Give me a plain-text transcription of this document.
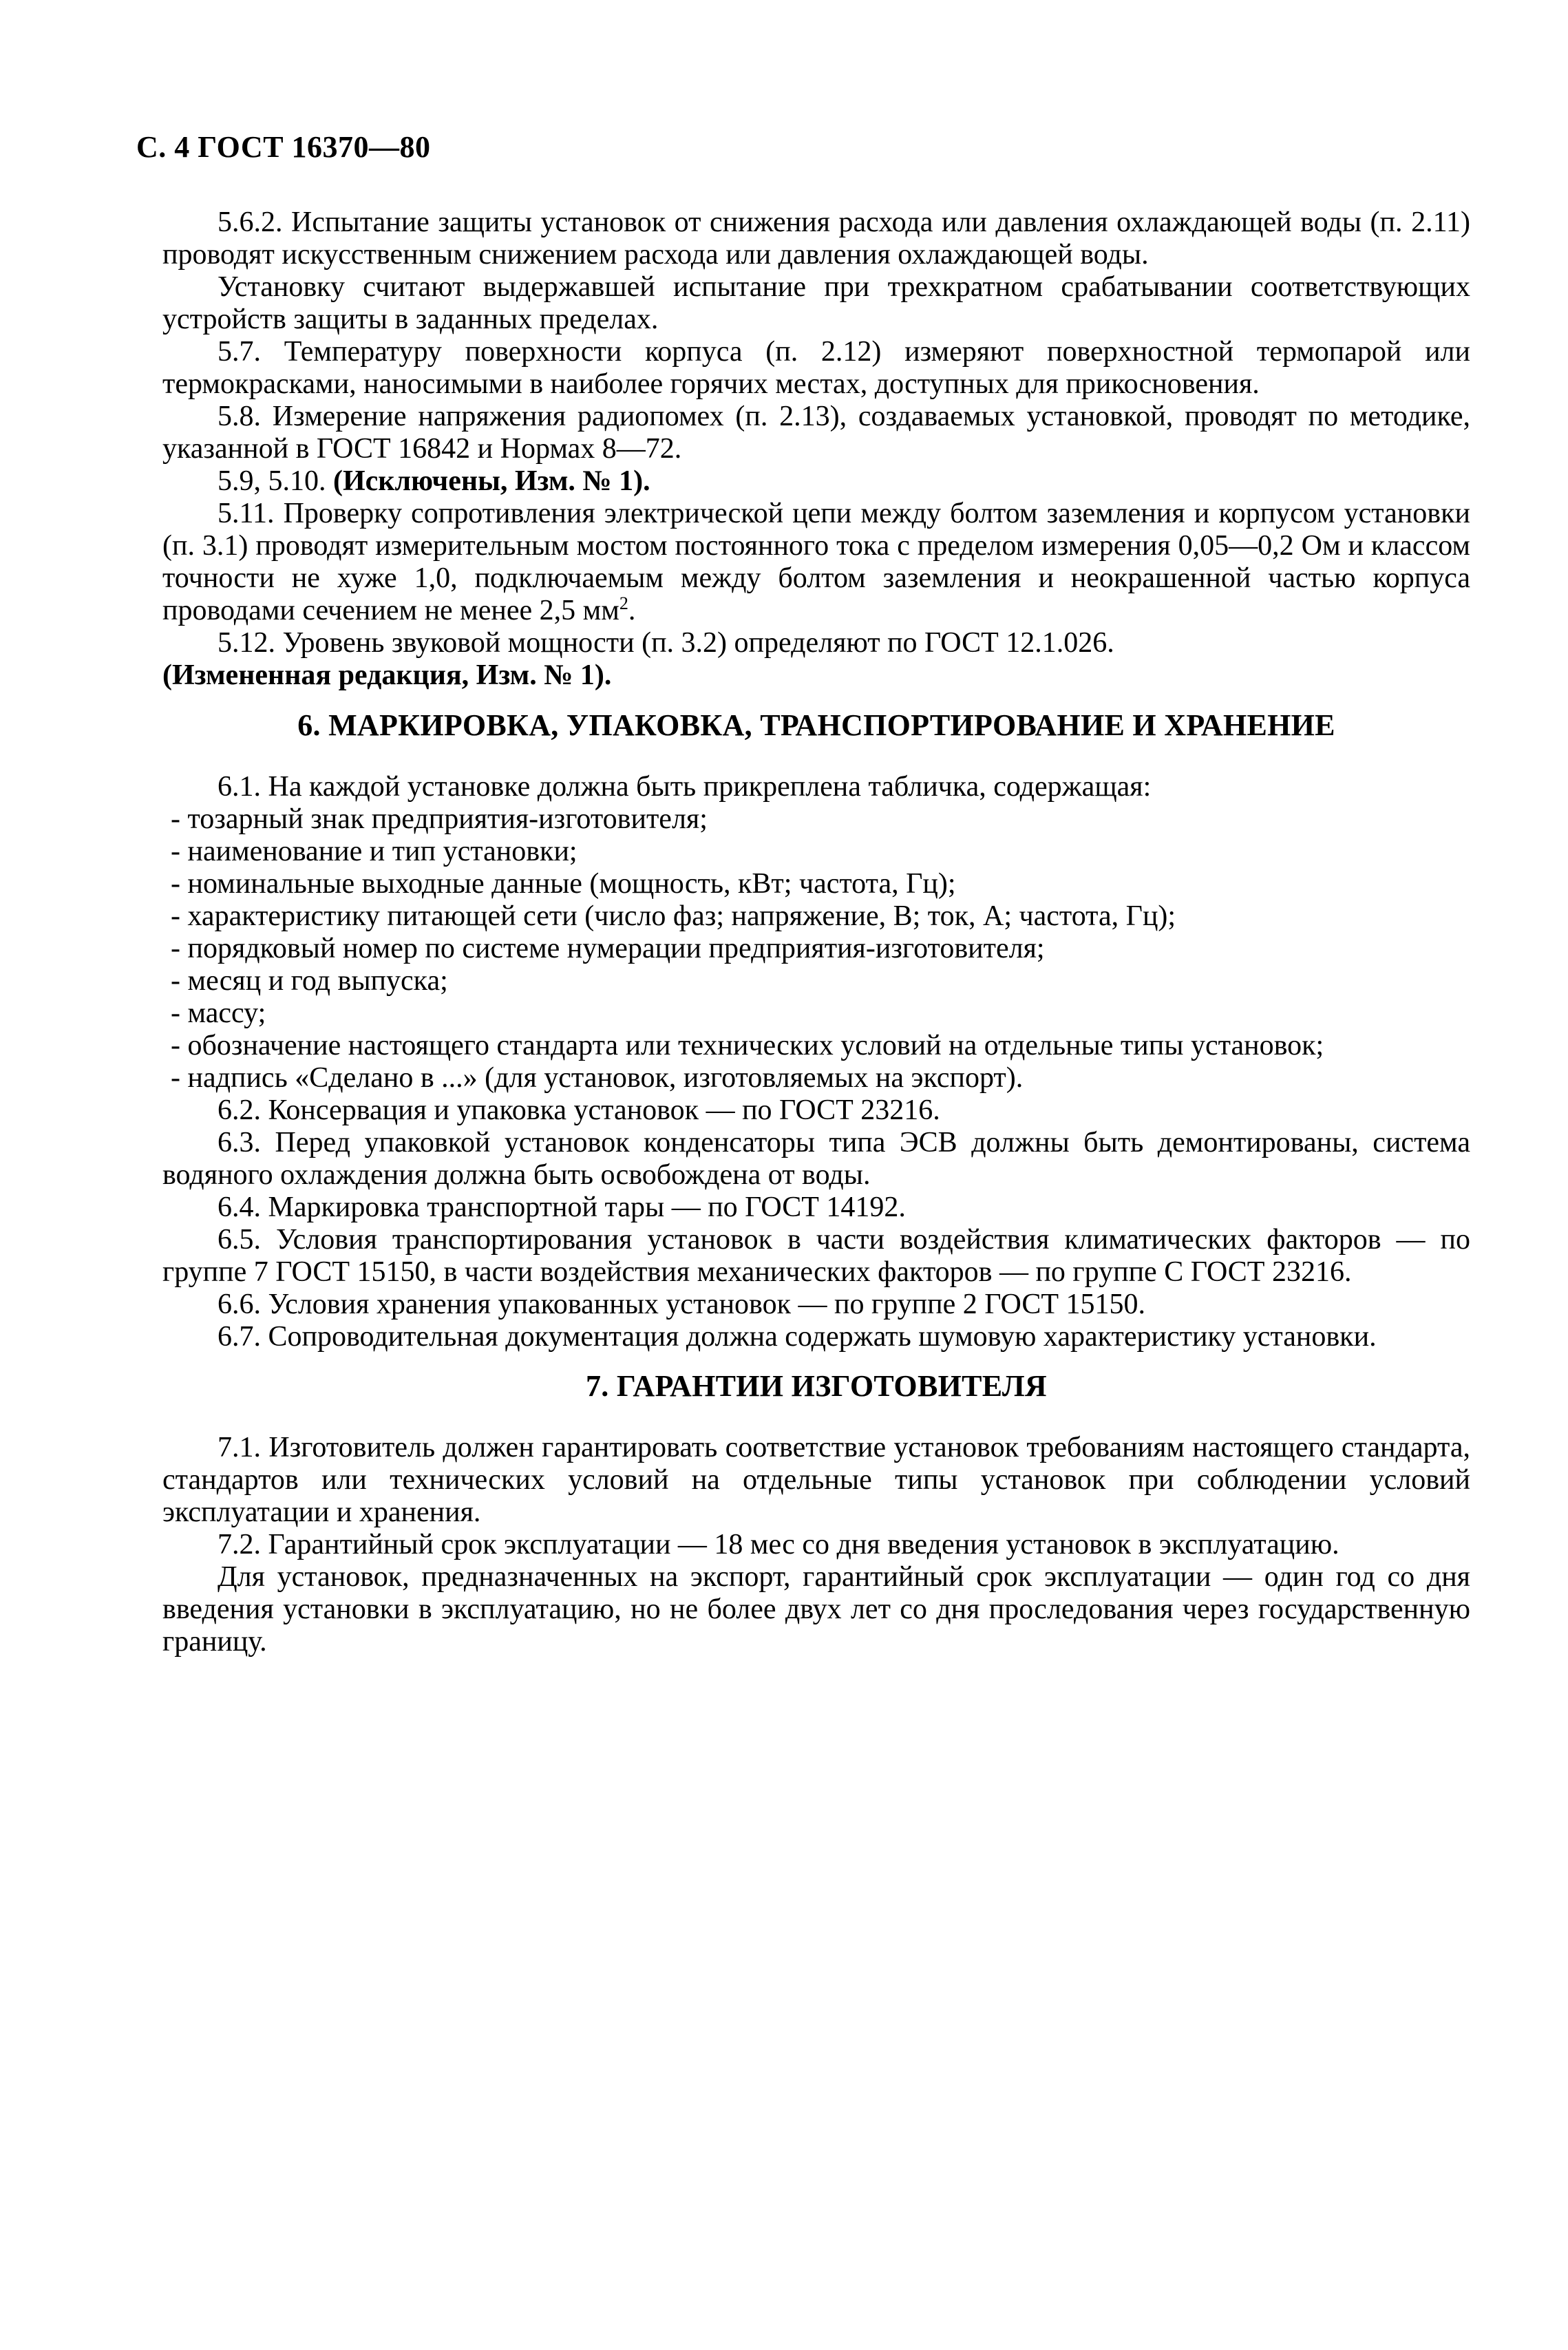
С. 4 ГОСТ 16370—80

5.6.2. Испытание защиты установок от снижения расхода или давления охлаждающей воды (п. 2.11) проводят искусственным снижением расхода или давления охлаждающей воды.

Установку считают выдержавшей испытание при трехкратном срабатывании соответствующих устройств защиты в заданных пределах.

5.7. Температуру поверхности корпуса (п. 2.12) измеряют поверхностной термопарой или термокрасками, наносимыми в наиболее горячих местах, доступных для прикосновения.

5.8. Измерение напряжения радиопомех (п. 2.13), создаваемых установкой, проводят по методике, указанной в ГОСТ 16842 и Нормах 8—72.

5.9, 5.10. (Исключены, Изм. № 1).

5.11. Проверку сопротивления электрической цепи между болтом заземления и корпусом установки (п. 3.1) проводят измерительным мостом постоянного тока с пределом измерения 0,05—0,2 Ом и классом точности не хуже 1,0, подключаемым между болтом заземления и неокрашенной частью корпуса проводами сечением не менее 2,5 $мм^2$.

5.12. Уровень звуковой мощности (п. 3.2) определяют по ГОСТ 12.1.026.

(Измененная редакция, Изм. № 1).

6. МАРКИРОВКА, УПАКОВКА, ТРАНСПОРТИРОВАНИЕ И ХРАНЕНИЕ

6.1. На каждой установке должна быть прикреплена табличка, содержащая:

- тозарный знак предприятия-изготовителя;

- наименование и тип установки;

- номинальные выходные данные (мощность, кВт; частота, Гц);

- характеристику питающей сети (число фаз; напряжение, В; ток, А; частота, Гц);

- порядковый номер по системе нумерации предприятия-изготовителя;

- месяц и год выпуска;

- массу;

- обозначение настоящего стандарта или технических условий на отдельные типы установок;

- надпись «Сделано в ...» (для установок, изготовляемых на экспорт).

6.2. Консервация и упаковка установок — по ГОСТ 23216.

6.3. Перед упаковкой установок конденсаторы типа ЭСВ должны быть демонтированы, система водяного охлаждения должна быть освобождена от воды.

6.4. Маркировка транспортной тары — по ГОСТ 14192.

6.5. Условия транспортирования установок в части воздействия климатических факторов — по группе 7 ГОСТ 15150, в части воздействия механических факторов — по группе С ГОСТ 23216.

6.6. Условия хранения упакованных установок — по группе 2 ГОСТ 15150.

6.7. Сопроводительная документация должна содержать шумовую характеристику установки.

7. ГАРАНТИИ ИЗГОТОВИТЕЛЯ

7.1. Изготовитель должен гарантировать соответствие установок требованиям настоящего стандарта, стандартов или технических условий на отдельные типы установок при соблюдении условий эксплуатации и хранения.

7.2. Гарантийный срок эксплуатации — 18 мес со дня введения установок в эксплуатацию.

Для установок, предназначенных на экспорт, гарантийный срок эксплуатации — один год со дня введения установки в эксплуатацию, но не более двух лет со дня проследования через государственную границу.
